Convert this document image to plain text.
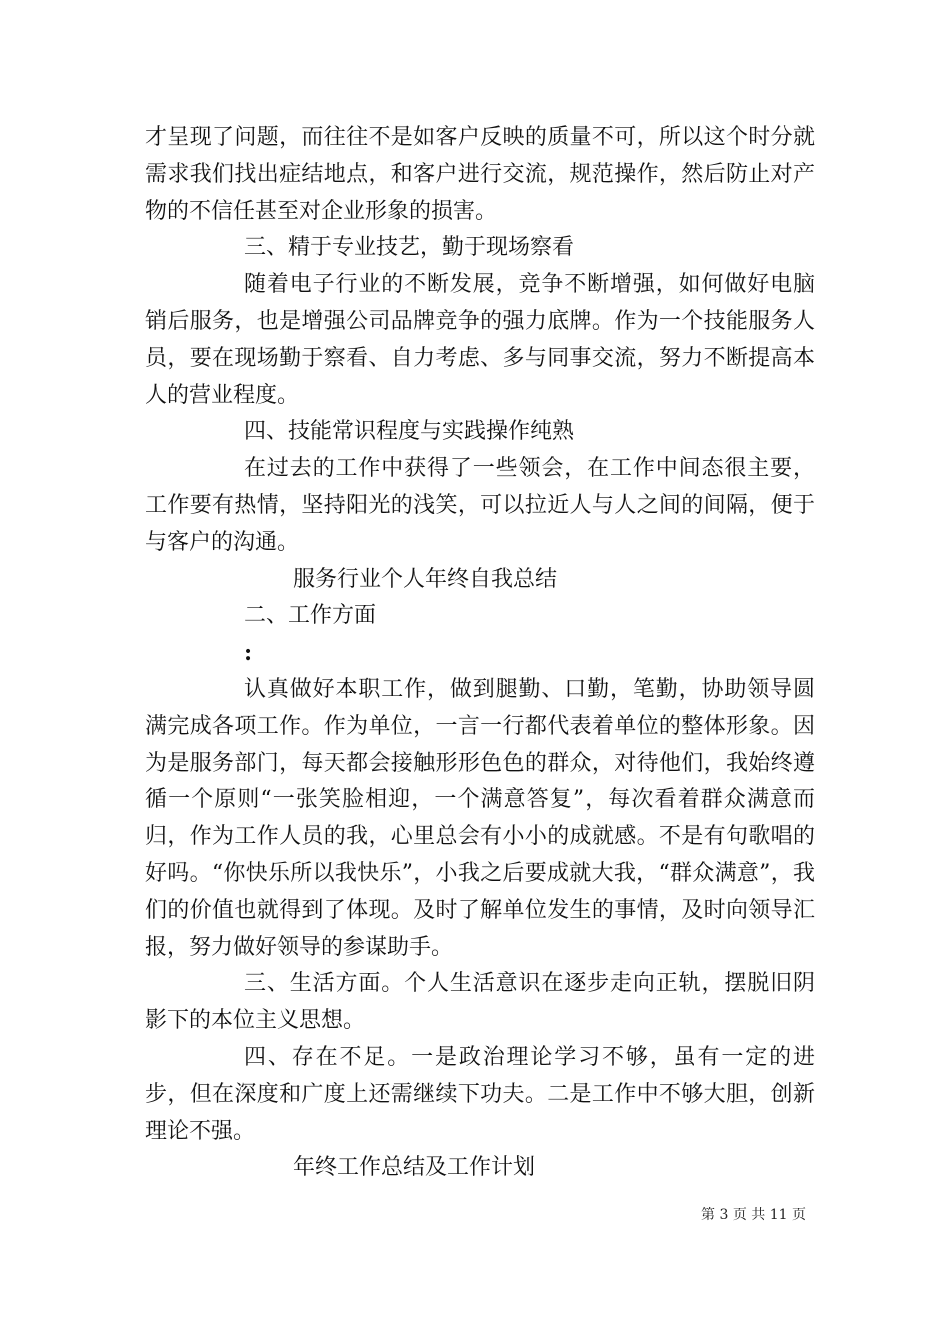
才呈现了问题，而往往不是如客户反映的质量不可，所以这个时分就需求我们找出症结地点，和客户进行交流，规范操作，然后防止对产物的不信任甚至对企业形象的损害。

三、精于专业技艺，勤于现场察看

随着电子行业的不断发展，竞争不断增强，如何做好电脑销后服务，也是增强公司品牌竞争的强力底牌。作为一个技能服务人员，要在现场勤于察看、自力考虑、多与同事交流，努力不断提高本人的营业程度。

四、技能常识程度与实践操作纯熟

在过去的工作中获得了一些领会，在工作中间态很主要，工作要有热情，坚持阳光的浅笑，可以拉近人与人之间的间隔，便于与客户的沟通。

服务行业个人年终自我总结

二、工作方面

:

认真做好本职工作，做到腿勤、口勤，笔勤，协助领导圆满完成各项工作。作为单位，一言一行都代表着单位的整体形象。因为是服务部门，每天都会接触形形色色的群众，对待他们，我始终遵循一个原则“一张笑脸相迎，一个满意答复”，每次看着群众满意而归，作为工作人员的我，心里总会有小小的成就感。不是有句歌唱的好吗。“你快乐所以我快乐”，小我之后要成就大我，“群众满意”，我们的价值也就得到了体现。及时了解单位发生的事情，及时向领导汇报，努力做好领导的参谋助手。

三、生活方面。个人生活意识在逐步走向正轨，摆脱旧阴影下的本位主义思想。

四、存在不足。一是政治理论学习不够，虽有一定的进步，但在深度和广度上还需继续下功夫。二是工作中不够大胆，创新理论不强。

年终工作总结及工作计划

第 3 页 共 11 页
